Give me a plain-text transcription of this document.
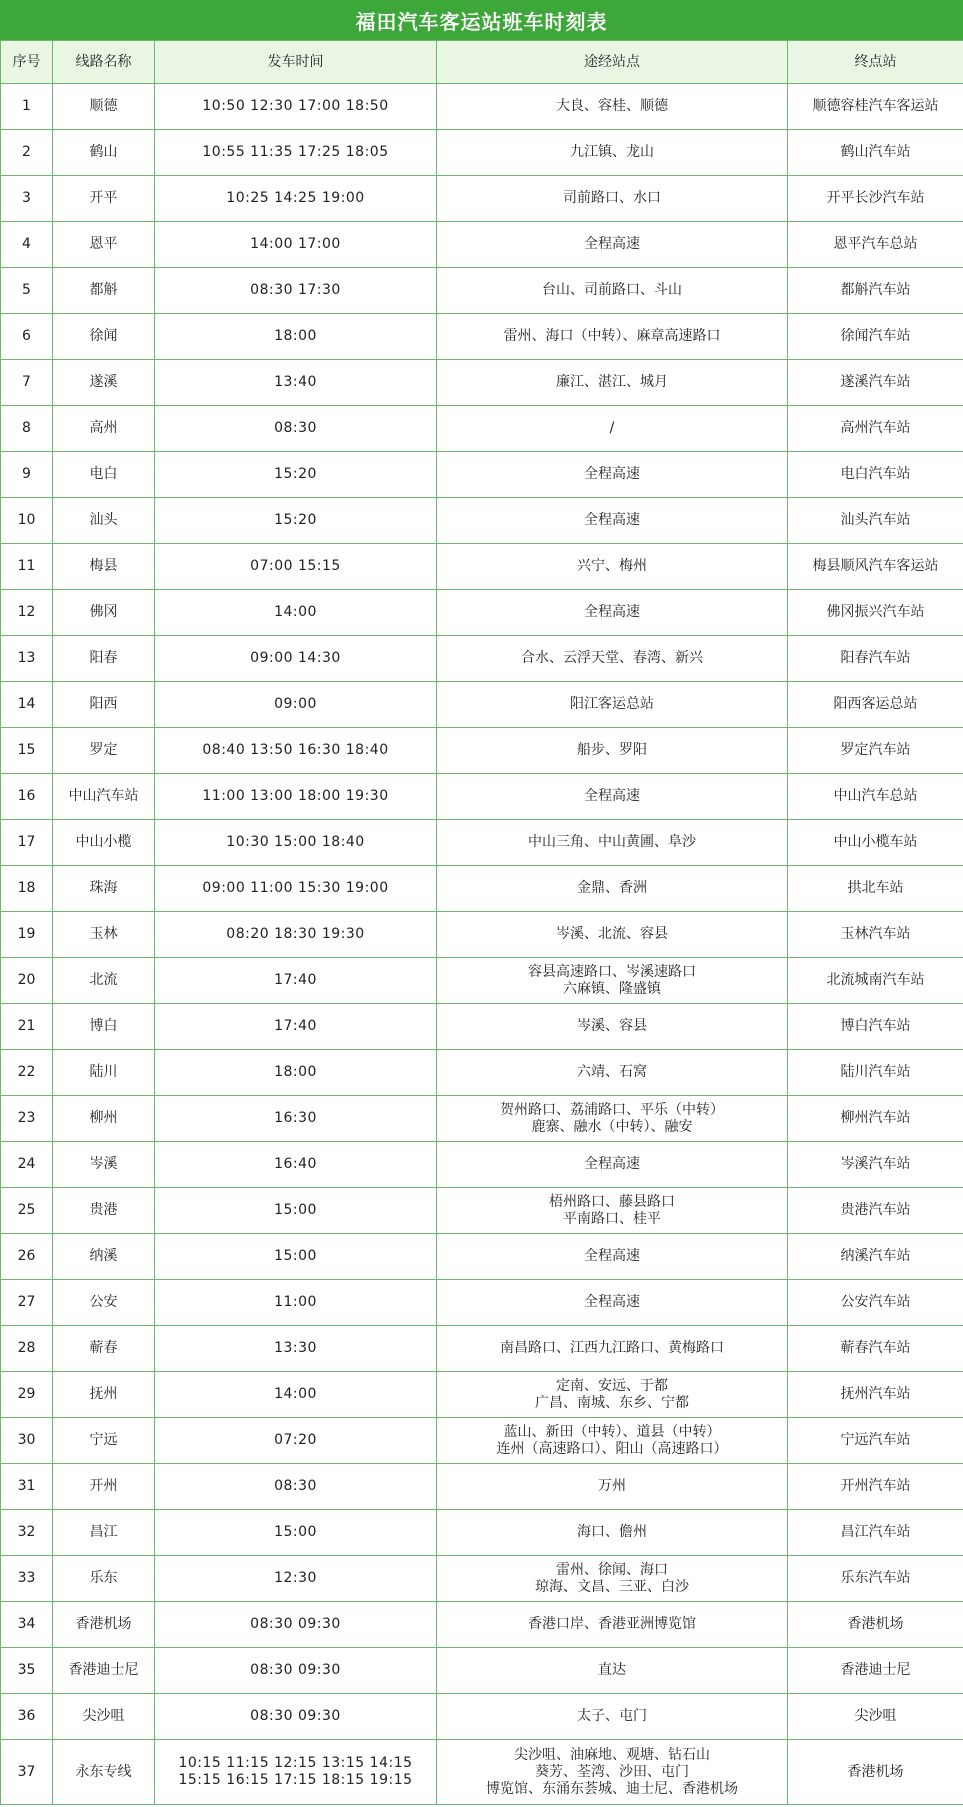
福田汽车客运站班车时刻表
序号	线路名称	发车时间	途经站点	终点站
1	顺德	10:50 12:30 17:00 18:50	大良、容桂、顺德	顺德容桂汽车客运站
2	鹤山	10:55 11:35 17:25 18:05	九江镇、龙山	鹤山汽车站
3	开平	10:25 14:25 19:00	司前路口、水口	开平长沙汽车站
4	恩平	14:00 17:00	全程高速	恩平汽车总站
5	都斛	08:30 17:30	台山、司前路口、斗山	都斛汽车站
6	徐闻	18:00	雷州、海口（中转）、麻章高速路口	徐闻汽车站
7	遂溪	13:40	廉江、湛江、城月	遂溪汽车站
8	高州	08:30	/	高州汽车站
9	电白	15:20	全程高速	电白汽车站
10	汕头	15:20	全程高速	汕头汽车站
11	梅县	07:00 15:15	兴宁、梅州	梅县顺风汽车客运站
12	佛冈	14:00	全程高速	佛冈振兴汽车站
13	阳春	09:00 14:30	合水、云浮天堂、春湾、新兴	阳春汽车站
14	阳西	09:00	阳江客运总站	阳西客运总站
15	罗定	08:40 13:50 16:30 18:40	船步、罗阳	罗定汽车站
16	中山汽车站	11:00 13:00 18:00 19:30	全程高速	中山汽车总站
17	中山小榄	10:30 15:00 18:40	中山三角、中山黄圃、阜沙	中山小榄车站
18	珠海	09:00 11:00 15:30 19:00	金鼎、香洲	拱北车站
19	玉林	08:20 18:30 19:30	岑溪、北流、容县	玉林汽车站
20	北流	17:40	容县高速路口、岑溪速路口
六麻镇、隆盛镇	北流城南汽车站
21	博白	17:40	岑溪、容县	博白汽车站
22	陆川	18:00	六靖、石窝	陆川汽车站
23	柳州	16:30	贺州路口、荔浦路口、平乐（中转）
鹿寨、融水（中转）、融安	柳州汽车站
24	岑溪	16:40	全程高速	岑溪汽车站
25	贵港	15:00	梧州路口、藤县路口
平南路口、桂平	贵港汽车站
26	纳溪	15:00	全程高速	纳溪汽车站
27	公安	11:00	全程高速	公安汽车站
28	蕲春	13:30	南昌路口、江西九江路口、黄梅路口	蕲春汽车站
29	抚州	14:00	定南、安远、于都
广昌、南城、东乡、宁都	抚州汽车站
30	宁远	07:20	蓝山、新田（中转）、道县（中转）
连州（高速路口）、阳山（高速路口）	宁远汽车站
31	开州	08:30	万州	开州汽车站
32	昌江	15:00	海口、儋州	昌江汽车站
33	乐东	12:30	雷州、徐闻、海口
琼海、文昌、三亚、白沙	乐东汽车站
34	香港机场	08:30 09:30	香港口岸、香港亚洲博览馆	香港机场
35	香港迪士尼	08:30 09:30	直达	香港迪士尼
36	尖沙咀	08:30 09:30	太子、屯门	尖沙咀
37	永东专线	10:15 11:15 12:15 13:15 14:15
15:15 16:15 17:15 18:15 19:15	尖沙咀、油麻地、观塘、钻石山
葵芳、荃湾、沙田、屯门
博览馆、东涌东荟城、迪士尼、香港机场	香港机场
